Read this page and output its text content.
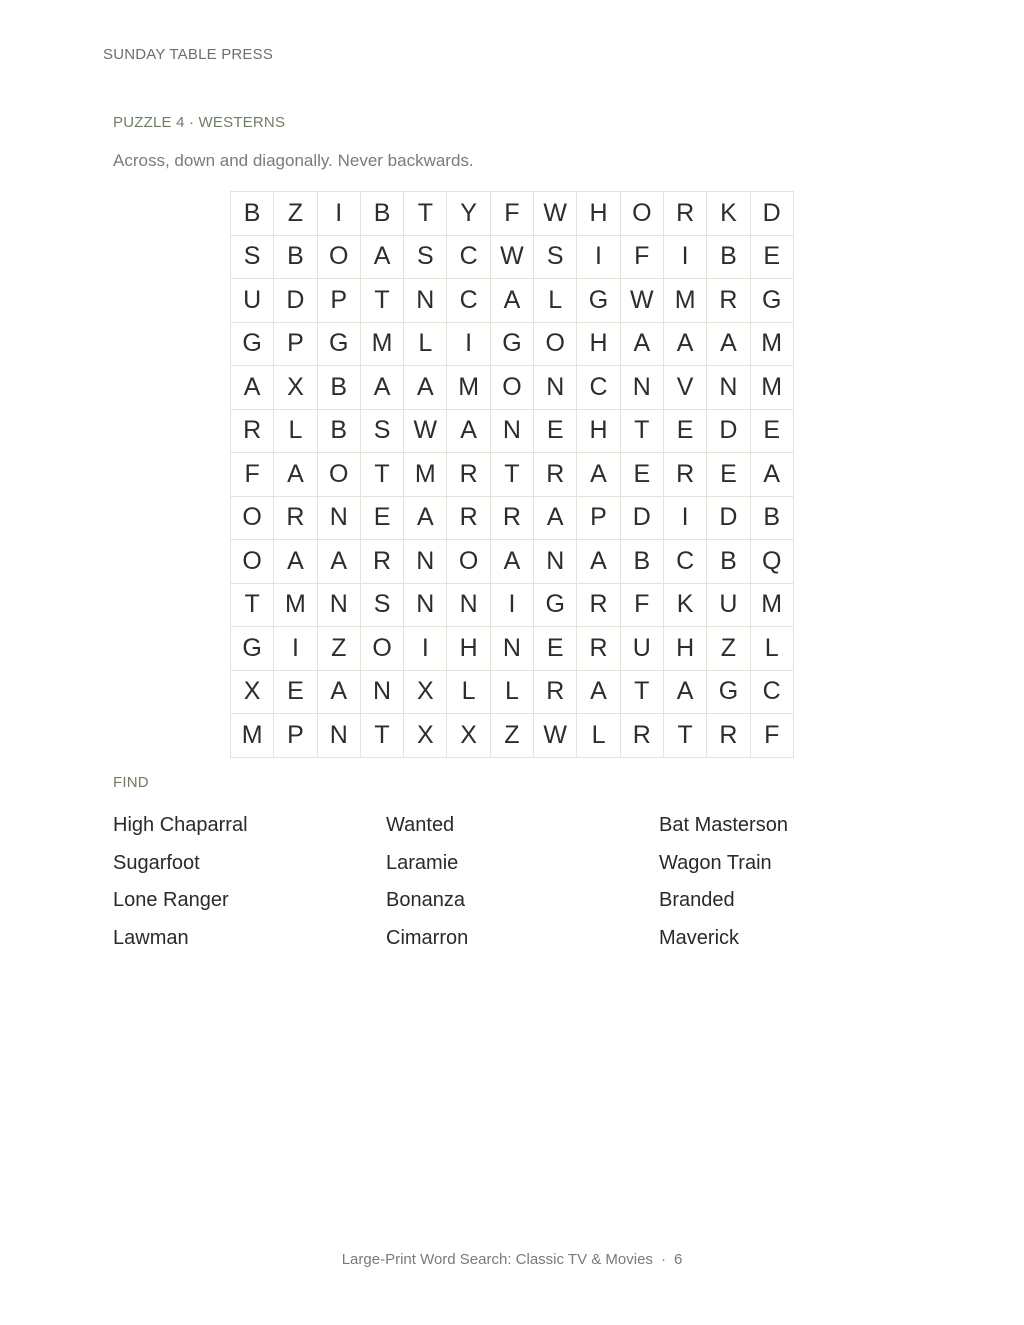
SUNDAY TABLE PRESS
PUZZLE 4 · WESTERNS
Across, down and diagonally. Never backwards.
B	Z	I	B	T	Y	F	W	H	O	R	K	D
S	B	O	A	S	C	W	S	I	F	I	B	E
U	D	P	T	N	C	A	L	G	W	M	R	G
G	P	G	M	L	I	G	O	H	A	A	A	M
A	X	B	A	A	M	O	N	C	N	V	N	M
R	L	B	S	W	A	N	E	H	T	E	D	E
F	A	O	T	M	R	T	R	A	E	R	E	A
O	R	N	E	A	R	R	A	P	D	I	D	B
O	A	A	R	N	O	A	N	A	B	C	B	Q
T	M	N	S	N	N	I	G	R	F	K	U	M
G	I	Z	O	I	H	N	E	R	U	H	Z	L
X	E	A	N	X	L	L	R	A	T	A	G	C
M	P	N	T	X	X	Z	W	L	R	T	R	F
FIND
High Chaparral	Wanted	Bat Masterson
Sugarfoot	Laramie	Wagon Train
Lone Ranger	Bonanza	Branded
Lawman	Cimarron	Maverick
Large-Print Word Search: Classic TV & Movies · 6
